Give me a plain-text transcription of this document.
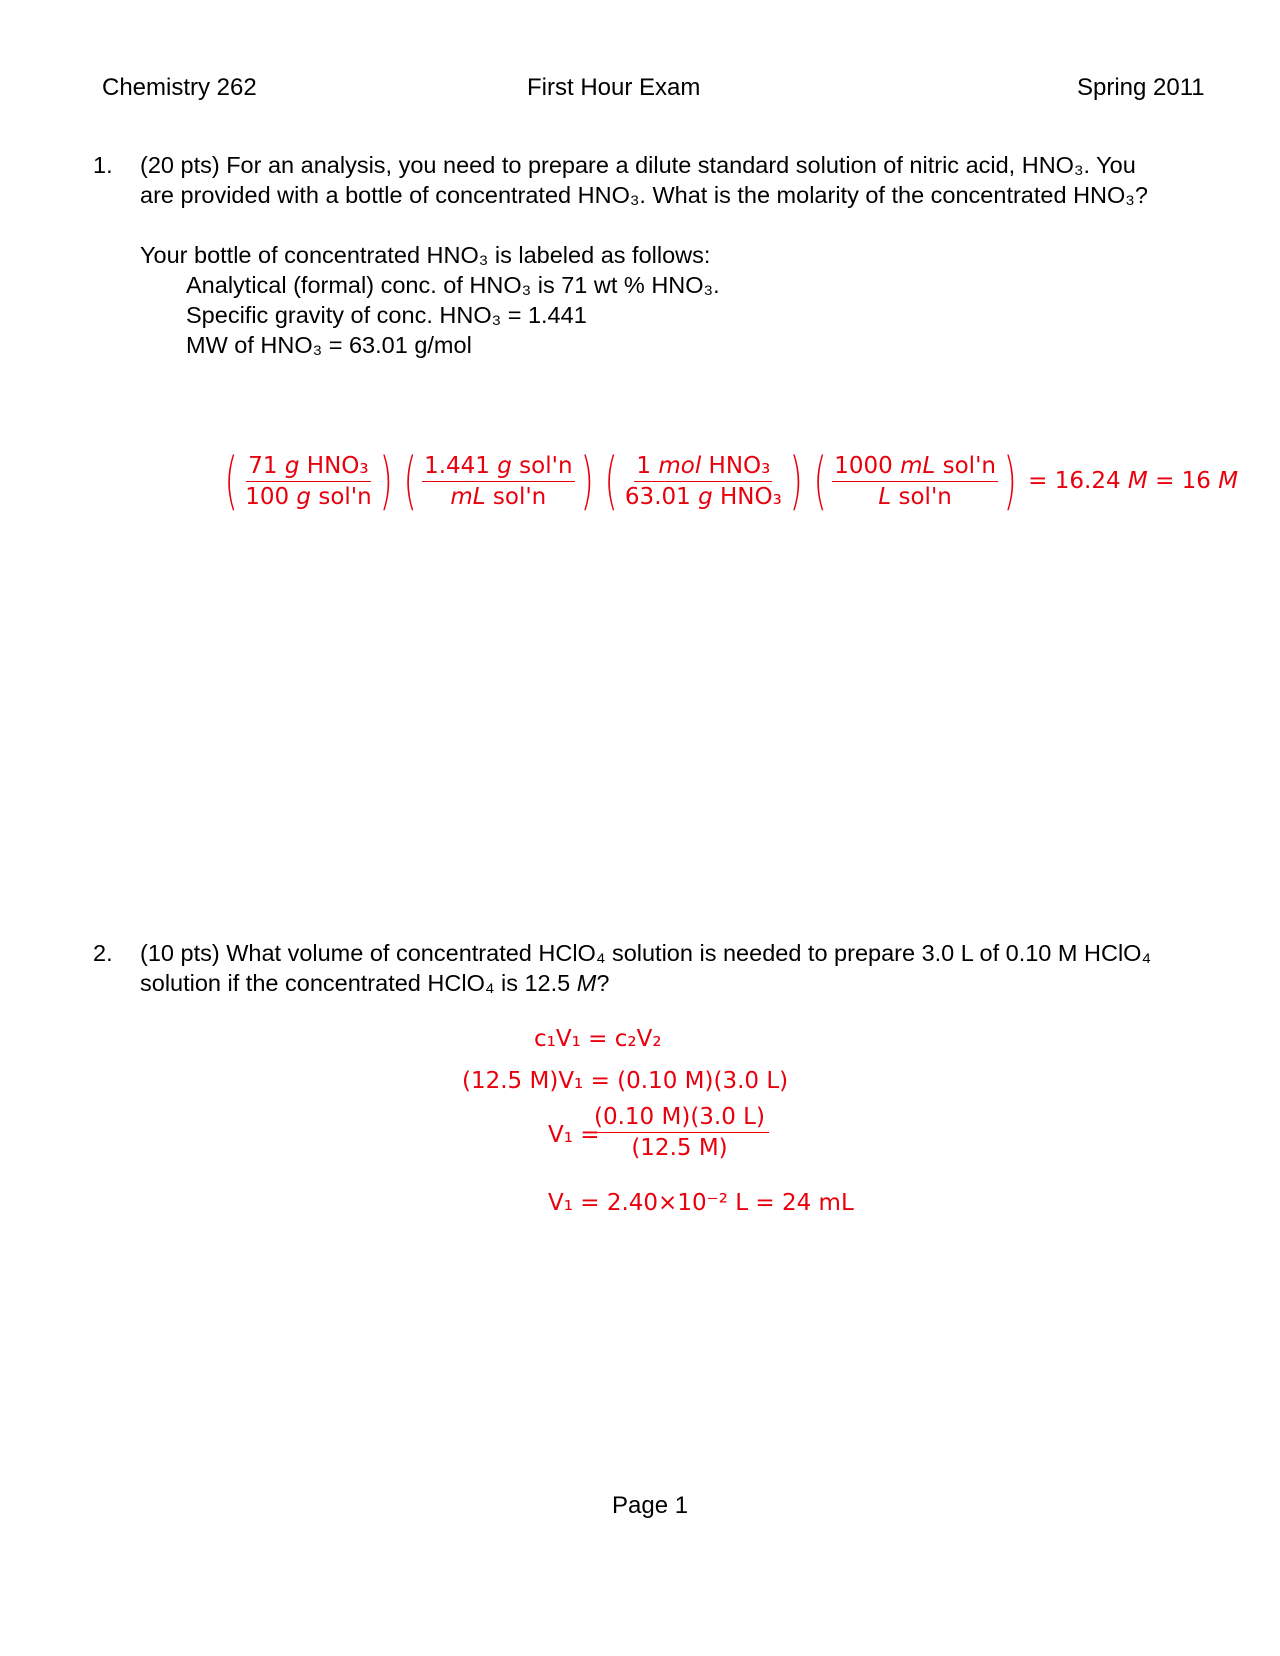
Chemistry 262	First Hour Exam	Spring 2011
1. (20 pts) For an analysis, you need to prepare a dilute standard solution of nitric acid, HNO₃. You
are provided with a bottle of concentrated HNO₃. What is the molarity of the concentrated HNO₃?
Your bottle of concentrated HNO₃ is labeled as follows:
Analytical (formal) conc. of HNO₃ is 71 wt % HNO₃.
Specific gravity of conc. HNO₃ = 1.441
MW of HNO₃ = 63.01 g/mol
( $\frac{\text{71 g HNO₃}}{\text{100 g sol'n}}$ ) ( $\frac{\text{1.441 g sol'n}}{\text{mL sol'n}}$ ) ( $\frac{\text{1 mol HNO₃}}{\text{63.01 g HNO₃}}$ ) ( $\frac{\text{1000 mL sol'n}}{\text{L sol'n}}$ ) = 16.24 M = 16 M
2. (10 pts) What volume of concentrated HClO₄ solution is needed to prepare 3.0 L of 0.10 M HClO₄
solution if the concentrated HClO₄ is 12.5 M?
c₁V₁ = c₂V₂
(12.5 M)V₁ = (0.10 M)(3.0 L)
V₁ =
$\frac{(0.10 M)(3.0 L)}{(12.5 M)}$
V₁ = 2.40×10⁻² L = 24 mL
Page 1
